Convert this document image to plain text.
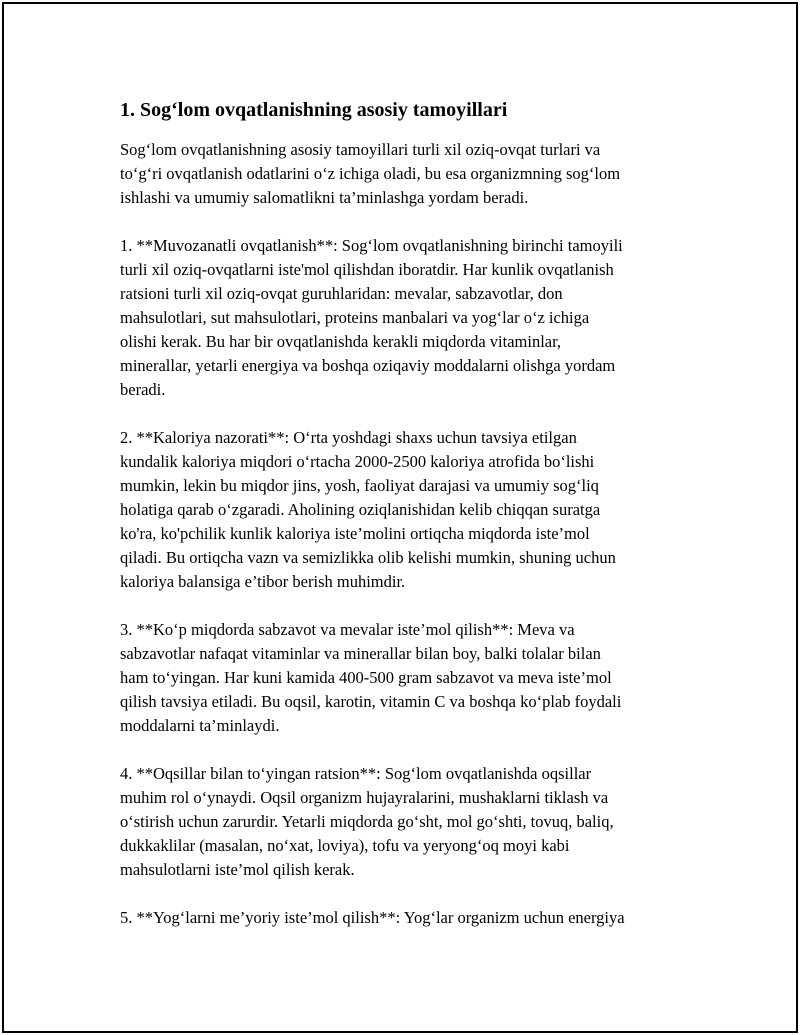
1. Sog‘lom ovqatlanishning asosiy tamoyillari

Sog‘lom ovqatlanishning asosiy tamoyillari turli xil oziq-ovqat turlari va
to‘g‘ri ovqatlanish odatlarini o‘z ichiga oladi, bu esa organizmning sog‘lom
ishlashi va umumiy salomatlikni ta’minlashga yordam beradi.

1. **Muvozanatli ovqatlanish**: Sog‘lom ovqatlanishning birinchi tamoyili
turli xil oziq-ovqatlarni iste'mol qilishdan iboratdir. Har kunlik ovqatlanish
ratsioni turli xil oziq-ovqat guruhlaridan: mevalar, sabzavotlar, don
mahsulotlari, sut mahsulotlari, proteins manbalari va yog‘lar o‘z ichiga
olishi kerak. Bu har bir ovqatlanishda kerakli miqdorda vitaminlar,
minerallar, yetarli energiya va boshqa oziqaviy moddalarni olishga yordam
beradi.

2. **Kaloriya nazorati**: O‘rta yoshdagi shaxs uchun tavsiya etilgan
kundalik kaloriya miqdori o‘rtacha 2000-2500 kaloriya atrofida bo‘lishi
mumkin, lekin bu miqdor jins, yosh, faoliyat darajasi va umumiy sog‘liq
holatiga qarab o‘zgaradi. Aholining oziqlanishidan kelib chiqqan suratga
ko'ra, ko'pchilik kunlik kaloriya iste’molini ortiqcha miqdorda iste’mol
qiladi. Bu ortiqcha vazn va semizlikka olib kelishi mumkin, shuning uchun
kaloriya balansiga e’tibor berish muhimdir.

3. **Ko‘p miqdorda sabzavot va mevalar iste’mol qilish**: Meva va
sabzavotlar nafaqat vitaminlar va minerallar bilan boy, balki tolalar bilan
ham to‘yingan. Har kuni kamida 400-500 gram sabzavot va meva iste’mol
qilish tavsiya etiladi. Bu oqsil, karotin, vitamin C va boshqa ko‘plab foydali
moddalarni ta’minlaydi.

4. **Oqsillar bilan to‘yingan ratsion**: Sog‘lom ovqatlanishda oqsillar
muhim rol o‘ynaydi. Oqsil organizm hujayralarini, mushaklarni tiklash va
o‘stirish uchun zarurdir. Yetarli miqdorda go‘sht, mol go‘shti, tovuq, baliq,
dukkaklilar (masalan, no‘xat, loviya), tofu va yeryong‘oq moyi kabi
mahsulotlarni iste’mol qilish kerak.

5. **Yog‘larni me’yoriy iste’mol qilish**: Yog‘lar organizm uchun energiya
